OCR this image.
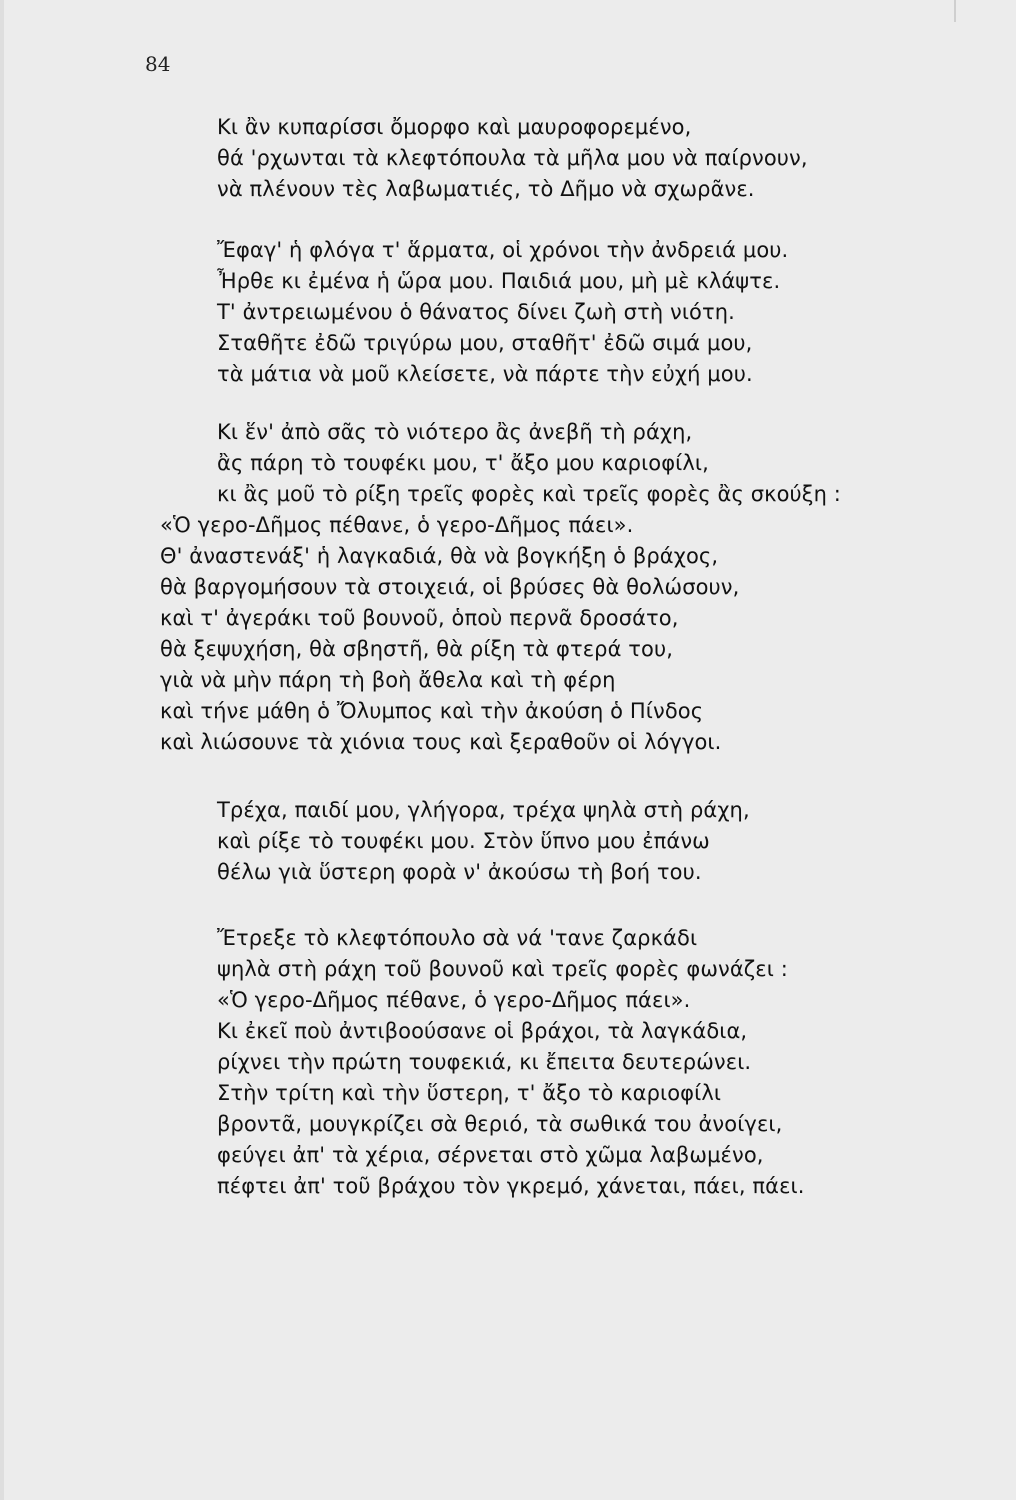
84
Κι ἂν κυπαρίσσι ὄμορφο καὶ μαυροφορεμένο,
θά 'ρχωνται τὰ κλεφτόπουλα τὰ μῆλα μου νὰ παίρνουν,
νὰ πλένουν τὲς λαβωματιές, τὸ Δῆμο νὰ σχωρᾶνε.
Ἔφαγ' ἡ φλόγα τ' ἅρματα, οἱ χρόνοι τὴν ἀνδρειά μου.
Ἦρθε κι ἐμένα ἡ ὥρα μου. Παιδιά μου, μὴ μὲ κλάψτε.
Τ' ἀντρειωμένου ὁ θάνατος δίνει ζωὴ στὴ νιότη.
Σταθῆτε ἐδῶ τριγύρω μου, σταθῆτ' ἐδῶ σιμά μου,
τὰ μάτια νὰ μοῦ κλείσετε, νὰ πάρτε τὴν εὐχή μου.
Κι ἕν' ἀπὸ σᾶς τὸ νιότερο ἂς ἀνεβῆ τὴ ράχη,
ἂς πάρη τὸ τουφέκι μου, τ' ἄξο μου καριοφίλι,
κι ἂς μοῦ τὸ ρίξη τρεῖς φορὲς καὶ τρεῖς φορὲς ἂς σκούξη :
«Ὁ γερο-Δῆμος πέθανε, ὁ γερο-Δῆμος πάει».
Θ' ἀναστενάξ' ἡ λαγκαδιά, θὰ νὰ βογκήξη ὁ βράχος,
θὰ βαργομήσουν τὰ στοιχειά, οἱ βρύσες θὰ θολώσουν,
καὶ τ' ἀγεράκι τοῦ βουνοῦ, ὁποὺ περνᾶ δροσάτο,
θὰ ξεψυχήση, θὰ σβηστῆ, θὰ ρίξη τὰ φτερά του,
γιὰ νὰ μὴν πάρη τὴ βοὴ ἄθελα καὶ τὴ φέρη
καὶ τήνε μάθη ὁ Ὄλυμπος καὶ τὴν ἀκούση ὁ Πίνδος
καὶ λιώσουνε τὰ χιόνια τους καὶ ξεραθοῦν οἱ λόγγοι.
Τρέχα, παιδί μου, γλήγορα, τρέχα ψηλὰ στὴ ράχη,
καὶ ρίξε τὸ τουφέκι μου. Στὸν ὕπνο μου ἐπάνω
θέλω γιὰ ὕστερη φορὰ ν' ἀκούσω τὴ βοή του.
Ἔτρεξε τὸ κλεφτόπουλο σὰ νά 'τανε ζαρκάδι
ψηλὰ στὴ ράχη τοῦ βουνοῦ καὶ τρεῖς φορὲς φωνάζει :
«Ὁ γερο-Δῆμος πέθανε, ὁ γερο-Δῆμος πάει».
Κι ἐκεῖ ποὺ ἀντιβοούσανε οἱ βράχοι, τὰ λαγκάδια,
ρίχνει τὴν πρώτη τουφεκιά, κι ἔπειτα δευτερώνει.
Στὴν τρίτη καὶ τὴν ὕστερη, τ' ἄξο τὸ καριοφίλι
βροντᾶ, μουγκρίζει σὰ θεριό, τὰ σωθικά του ἀνοίγει,
φεύγει ἀπ' τὰ χέρια, σέρνεται στὸ χῶμα λαβωμένο,
πέφτει ἀπ' τοῦ βράχου τὸν γκρεμό, χάνεται, πάει, πάει.
